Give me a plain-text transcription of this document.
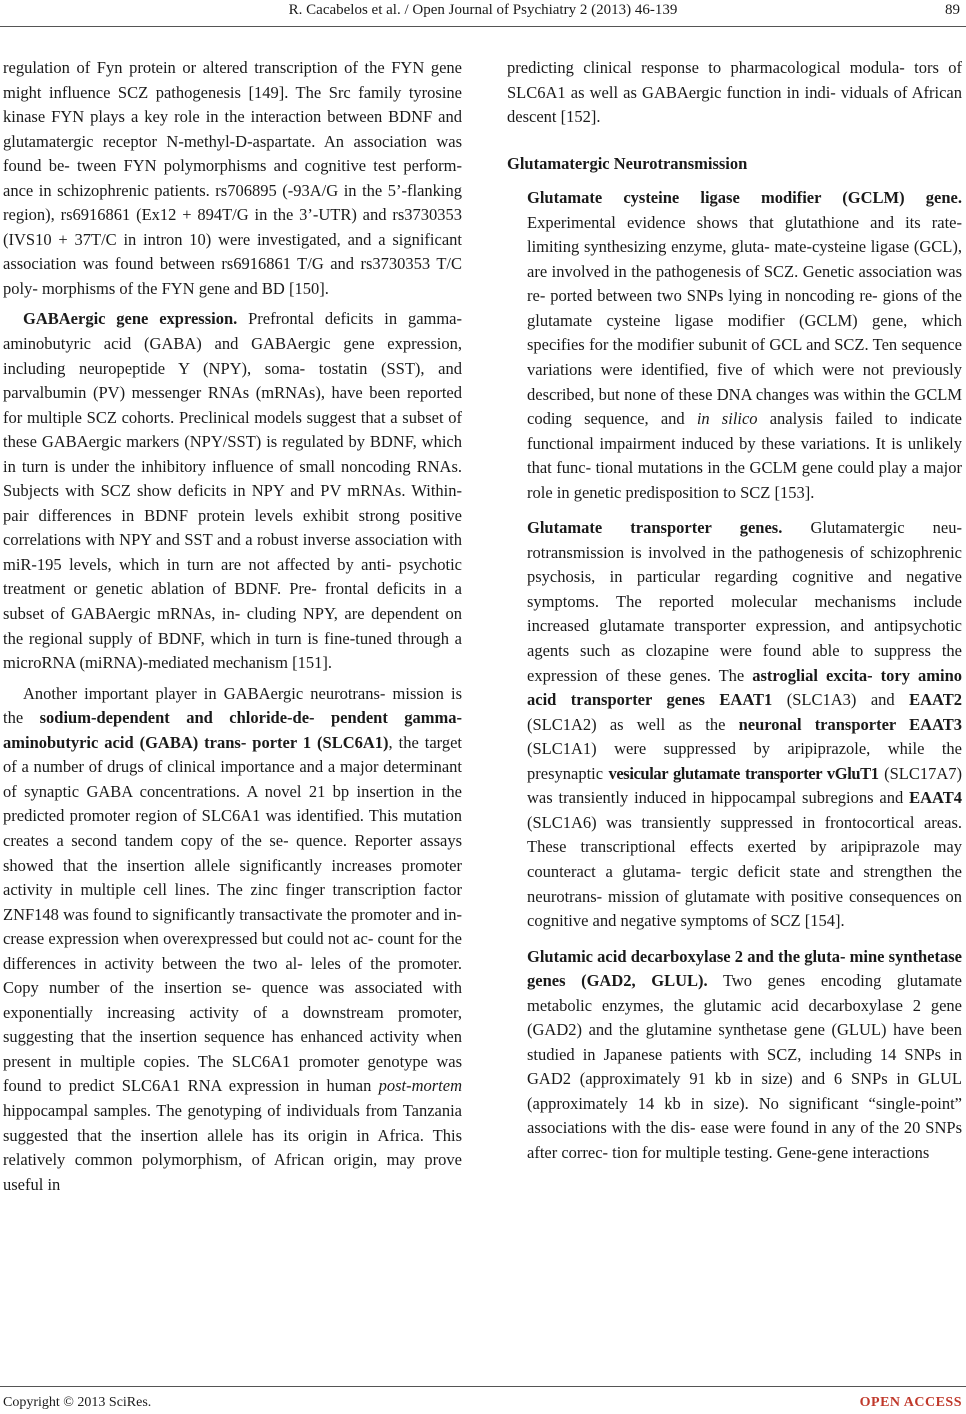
R. Cacabelos et al. / Open Journal of Psychiatry 2 (2013) 46-139	89

regulation of Fyn protein or altered transcription of the FYN gene might influence SCZ pathogenesis [149]. The Src family tyrosine kinase FYN plays a key role in the interaction between BDNF and glutamatergic receptor N-methyl-D-aspartate. An association was found be- tween FYN polymorphisms and cognitive test perform- ance in schizophrenic patients. rs706895 (-93A/G in the 5’-flanking region), rs6916861 (Ex12 + 894T/G in the 3’-UTR) and rs3730353 (IVS10 + 37T/C in intron 10) were investigated, and a significant association was found between rs6916861 T/G and rs3730353 T/C poly- morphisms of the FYN gene and BD [150].

GABAergic gene expression. Prefrontal deficits in gamma-aminobutyric acid (GABA) and GABAergic gene expression, including neuropeptide Y (NPY), soma- tostatin (SST), and parvalbumin (PV) messenger RNAs (mRNAs), have been reported for multiple SCZ cohorts. Preclinical models suggest that a subset of these GABAergic markers (NPY/SST) is regulated by BDNF, which in turn is under the inhibitory influence of small noncoding RNAs. Subjects with SCZ show deficits in NPY and PV mRNAs. Within-pair differences in BDNF protein levels exhibit strong positive correlations with NPY and SST and a robust inverse association with miR-195 levels, which in turn are not affected by anti- psychotic treatment or genetic ablation of BDNF. Pre- frontal deficits in a subset of GABAergic mRNAs, in- cluding NPY, are dependent on the regional supply of BDNF, which in turn is fine-tuned through a microRNA (miRNA)-mediated mechanism [151].

Another important player in GABAergic neurotrans- mission is the sodium-dependent and chloride-de- pendent gamma-aminobutyric acid (GABA) trans- porter 1 (SLC6A1), the target of a number of drugs of clinical importance and a major determinant of synaptic GABA concentrations. A novel 21 bp insertion in the predicted promoter region of SLC6A1 was identified. This mutation creates a second tandem copy of the se- quence. Reporter assays showed that the insertion allele significantly increases promoter activity in multiple cell lines. The zinc finger transcription factor ZNF148 was found to significantly transactivate the promoter and in- crease expression when overexpressed but could not ac- count for the differences in activity between the two al- leles of the promoter. Copy number of the insertion se- quence was associated with exponentially increasing activity of a downstream promoter, suggesting that the insertion sequence has enhanced activity when present in multiple copies. The SLC6A1 promoter genotype was found to predict SLC6A1 RNA expression in human post-mortem hippocampal samples. The genotyping of individuals from Tanzania suggested that the insertion allele has its origin in Africa. This relatively common polymorphism, of African origin, may prove useful in

predicting clinical response to pharmacological modula- tors of SLC6A1 as well as GABAergic function in indi- viduals of African descent [152].

Glutamatergic Neurotransmission

Glutamate cysteine ligase modifier (GCLM) gene. Experimental evidence shows that glutathione and its rate-limiting synthesizing enzyme, gluta- mate-cysteine ligase (GCL), are involved in the pathogenesis of SCZ. Genetic association was re- ported between two SNPs lying in noncoding re- gions of the glutamate cysteine ligase modifier (GCLM) gene, which specifies for the modifier subunit of GCL and SCZ. Ten sequence variations were identified, five of which were not previously described, but none of these DNA changes was within the GCLM coding sequence, and in silico analysis failed to indicate functional impairment induced by these variations. It is unlikely that func- tional mutations in the GCLM gene could play a major role in genetic predisposition to SCZ [153].

Glutamate transporter genes. Glutamatergic neu- rotransmission is involved in the pathogenesis of schizophrenic psychosis, in particular regarding cognitive and negative symptoms. The reported molecular mechanisms include increased glutamate transporter expression, and antipsychotic agents such as clozapine were found able to suppress the expression of these genes. The astroglial excita- tory amino acid transporter genes EAAT1 (SLC1A3) and EAAT2 (SLC1A2) as well as the neuronal transporter EAAT3 (SLC1A1) were suppressed by aripiprazole, while the presynaptic vesicular glutamate transporter vGluT1 (SLC17A7) was transiently induced in hippocampal subregions and EAAT4 (SLC1A6) was transiently suppressed in frontocortical areas. These transcriptional effects exerted by aripiprazole may counteract a glutama- tergic deficit state and strengthen the neurotrans- mission of glutamate with positive consequences on cognitive and negative symptoms of SCZ [154].

Glutamic acid decarboxylase 2 and the gluta- mine synthetase genes (GAD2, GLUL). Two genes encoding glutamate metabolic enzymes, the glutamic acid decarboxylase 2 gene (GAD2) and the glutamine synthetase gene (GLUL) have been studied in Japanese patients with SCZ, including 14 SNPs in GAD2 (approximately 91 kb in size) and 6 SNPs in GLUL (approximately 14 kb in size). No significant “single-point” associations with the dis- ease were found in any of the 20 SNPs after correc- tion for multiple testing. Gene-gene interactions

Copyright © 2013 SciRes.	OPEN ACCESS
